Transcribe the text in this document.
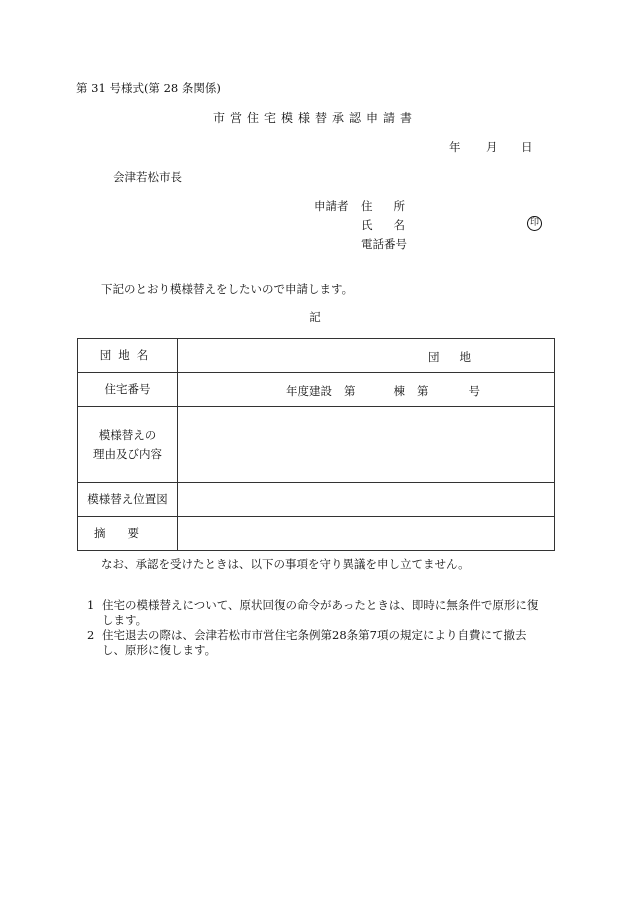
第 31 号様式(第 28 条関係)
市営住宅模様替承認申請書
年 月 日
会津若松市長
申請者 住所
氏名	印
電話番号
下記のとおり模様替えをしたいので申請します。
記
団地名	団地
住宅番号	年度建設 第	棟 第	号
模様替えの
理由及び内容
模様替え位置図
摘要
なお、承認を受けたときは、以下の事項を守り異議を申し立てません。
1 住宅の模様替えについて、原状回復の命令があったときは、即時に無条件で原形に復します。
2 住宅退去の際は、会津若松市市営住宅条例第28条第7項の規定により自費にて撤去し、原形に復します。
